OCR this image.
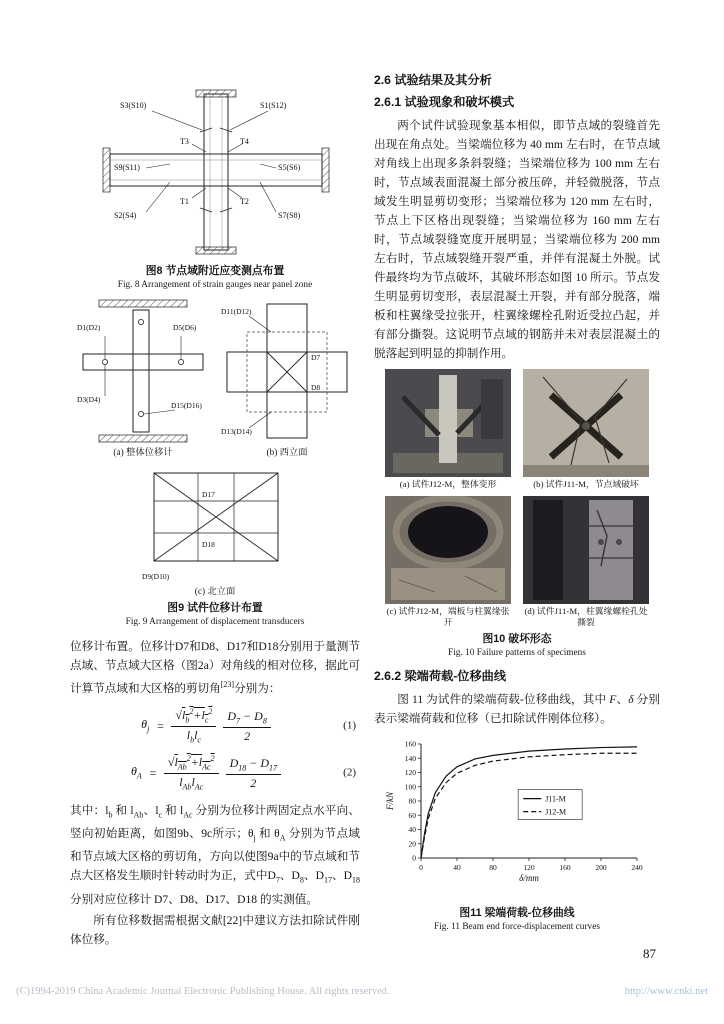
S3(S10)	S1(S12)
T3	T4
T1	T2
S5(S6)
S7(S8)
S2(S4)
S9(S11)
图8 节点域附近应变测点布置
Fig. 8 Arrangement of strain gauges near panel zone
D1(D2)
D3(D4)
D5(D6)
D15(D16)
(a) 整体位移计
D7
D8
D11(D12)
D13(D14)
(b) 西立面
D17
D18
D9(D10)
(c) 北立面
图9 试件位移计布置
Fig. 9 Arrangement of displacement transducers

位移计布置。位移计D7和D8、D17和D18分别用于量测节点域、节点域大区格（图2a）对角线的相对位移，据此可计算节点域和大区格的剪切角[23]分别为：

$\theta_j = \frac{√l_b^2+l_c^2}{l_bl_c} \frac{D_7 - D_8}{2}$	(1)
$\theta_A = \frac{√l_{Ab}^2+l_{Ac}^2}{l_{Ab}l_{Ac}} \frac{D_{18} - D_{17}}{2}$	(2)

其中：$l_b$ 和 $l_{Ab}$、$l_c$ 和 $l_{Ac}$ 分别为位移计两固定点水平向、竖向初始距离，如图9b、9c所示；$\theta_j$ 和 $\theta_A$ 分别为节点域和节点域大区格的剪切角，方向以使图9a中的节点域和节点大区格发生顺时针转动时为正，式中$D_7$、$D_8$、$D_{17}$、$D_{18}$ 分别对应位移计 D7、D8、D17、D18 的实测值。

所有位移数据需根据文献[22]中建议方法扣除试件刚体位移。

2.6 试验结果及其分析
2.6.1 试验现象和破坏模式

两个试件试验现象基本相似，即节点域的裂缝首先出现在角点处。当梁端位移为 40 mm 左右时，在节点域对角线上出现多条斜裂缝；当梁端位移为 100 mm 左右时，节点域表面混凝土部分被压碎，并轻微脱落，节点域发生明显剪切变形；当梁端位移为 120 mm 左右时，节点上下区格出现裂缝；当梁端位移为 160 mm 左右时，节点域裂缝宽度开展明显；当梁端位移为 200 mm 左右时，节点域裂缝开裂严重，并伴有混凝土外脱。试件最终均为节点破坏，其破坏形态如图 10 所示。节点发生明显剪切变形，表层混凝土开裂，并有部分脱落，端板和柱翼缘受拉张开，柱翼缘螺栓孔附近受拉凸起，并有部分撕裂。这说明节点域的钢筋并未对表层混凝土的脱落起到明显的抑制作用。

(a) 试件J12-M，整体变形	(b) 试件J11-M，节点域破坏
(c) 试件J12-M，端板与柱翼缘张开
(d) 试件J11-M，柱翼缘螺栓孔处撕裂
图10 破坏形态
Fig. 10 Failure patterns of specimens
2.6.2 梁端荷载-位移曲线

图 11 为试件的梁端荷载-位移曲线，其中 F、δ 分别表示梁端荷载和位移（已扣除试件刚体位移）。

0	40	80	120	160	200	240
0
20
40
60
80
100
120
140
160
δ/mm
F/kN	J11-M
J12-M
图11 梁端荷载-位移曲线
Fig. 11 Beam end force-displacement curves
87
(C)1994-2019 China Academic Journal Electronic Publishing House. All rights reserved.	http://www.cnki.net
